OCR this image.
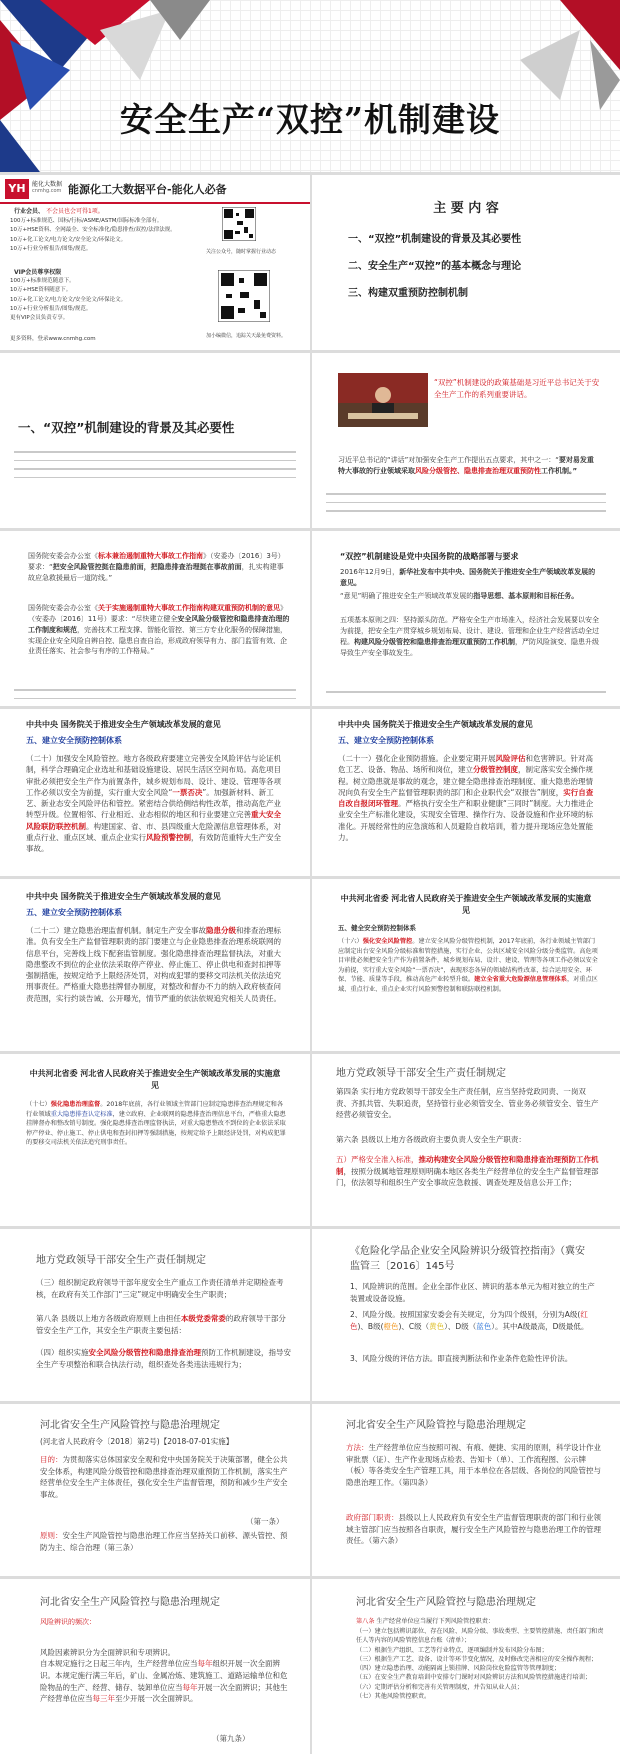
安全生产“双控”机制建设
YH	能化大数据
cnmhg.com 能源化工大数据平台-能化人必备
行业会员、 不会员也会可得1项。
100万+标准规范、国标/行标/ASME/ASTM/国际标准全部有。
10万+HSE资料、全网最全、安全标准化/隐患排查/双控/法律法规。
10万+化工论文/电力论文/安全论文/环保论文。
10万+行业分析报告/图集/规范。	关注公众号，随时掌握行业动态
VIP会员尊享权限
100万+标准规范随意下。
10万+HSE资料随意下。
10万+化工论文/电力论文/安全论文/环保论文。
10万+行业分析报告/图集/规范。
更有VIP会员负责专享。
更多资料，登录www.cnmhg.com	加小编微信，追踪关天最免费资料。
主 要 内 容
一、“双控”机制建设的背景及其必要性
二、安全生产“双控”的基本概念与理论
三、构建双重预防控制机制
一、“双控”机制建设的背景及其必要性
“双控”机制建设的政策基础是习近平总书记关于安全生产工作的系列重要讲话。
习近平总书记的“讲话”对加强安全生产工作提出五点要求，其中之一：“要对易发重特大事故的行业领域采取风险分级管控、隐患排查治理双重预防性工作机制。”
国务院安委会办公室《标本兼治遏制重特大事故工作指南》（安委办〔2016〕3号）要求：“把安全风险管控挺在隐患前面，把隐患排查治理挺在事故前面，扎实构建事故应急救援最后一道防线。”
国务院安委会办公室《关于实施遏制重特大事故工作指南构建双重预防机制的意见》（安委办〔2016〕11号）要求：“尽快建立健全安全风险分级管控和隐患排查治理的工作制度和规范，完善技术工程支撑、智能化管控、第三方专业化服务的保障措施，实现企业安全风险自辨自控、隐患自查自治，形成政府领导有力、部门监管有效、企业责任落实、社会参与有序的工作格局。”
“双控”机制建设是党中央国务院的战略部署与要求
2016年12月9日，新华社发布中共中央、国务院关于推进安全生产领域改革发展的意见。
“意见”明确了推进安全生产领域改革发展的指导思想、基本原则和目标任务。
五项基本原则之四：坚持源头防范。严格安全生产市场准入，经济社会发展要以安全为前提，把安全生产贯穿城乡规划布局、设计、建设、管理和企业生产经营活动全过程。构建风险分级管控和隐患排查治理双重预防工作机制，严防风险演变、隐患升级导致生产安全事故发生。
中共中央 国务院关于推进安全生产领域改革发展的意见
五、建立安全预防控制体系
（二十）加强安全风险管控。地方各级政府要建立完善安全风险评估与论证机制，科学合理确定企业选址和基础设施建设、居民生活区空间布局。高危项目审批必须把安全生产作为前置条件，城乡规划布局、设计、建设、管理等各项工作必须以安全为前提，实行重大安全风险“一票否决”。加强新材料、新工艺、新业态安全风险评估和管控。紧密结合供给侧结构性改革，推动高危产业转型升级。位置相邻、行业相近、业态相似的地区和行业要建立完善重大安全风险联防联控机制。构建国家、省、市、县四级重大危险源信息管理体系，对重点行业、重点区域、重点企业实行风险预警控制，有效防范重特大生产安全事故。
中共中央 国务院关于推进安全生产领域改革发展的意见
五、建立安全预防控制体系
（二十一）强化企业预防措施。企业要定期开展风险评估和危害辨识。针对高危工艺、设备、物品、场所和岗位，建立分级管控制度，制定落实安全操作规程。树立隐患就是事故的观念，建立健全隐患排查治理制度、重大隐患治理情况向负有安全生产监督管理职责的部门和企业职代会“双报告”制度，实行自查自改自报闭环管理。严格执行安全生产和职业健康“三同时”制度。大力推进企业安全生产标准化建设，实现安全管理、操作行为、设备设施和作业环境的标准化。开展经常性的应急演练和人员避险自救培训，着力提升现场应急处置能力。
中共中央 国务院关于推进安全生产领域改革发展的意见
五、建立安全预防控制体系
（二十二）建立隐患治理监督机制。制定生产安全事故隐患分级和排查治理标准。负有安全生产监督管理职责的部门要建立与企业隐患排查治理系统联网的信息平台，完善线上线下配套监管制度。强化隐患排查治理监督执法，对重大隐患整改不到位的企业依法采取停产停业、停止施工、停止供电和查封扣押等强制措施，按规定给予上限经济处罚，对构成犯罪的要移交司法机关依法追究刑事责任。严格重大隐患挂牌督办制度，对整改和督办不力的纳入政府核查问责范围，实行约谈告诫、公开曝光，情节严重的依法依规追究相关人员责任。
中共河北省委 河北省人民政府关于推进安全生产领域改革发展的实施意见
五、健全安全预防控制体系
（十六）强化安全风险管控。建立安全风险分级管控机制，2017年底前，各行业领域主管部门应制定出台安全风险分级标准和管控措施，实行企业、公共区域安全风险分级分类监管。高危项目审批必须把安全生产作为前置条件，城乡规划布局、设计、建设、管理等各项工作必须以安全为前提，实行重大安全风险“一票否决”，表现形态各异的领域结构性改革，综合运用安全、环保、节能、质量等手段，推动高危产业转型升级。建立全省重大危险源信息管理体系，对重点区域、重点行业、重点企业实行风险预警控制和联防联控机制。
中共河北省委 河北省人民政府关于推进安全生产领域改革发展的实施意见
（十七）强化隐患治理监督。2018年底前，各行业领域主管部门应制定隐患排查治理规定和各行业领域重大隐患排查认定标准，建立政府、企业联网的隐患排查治理信息平台，严格重大隐患挂牌督办和整改销号制度。强化隐患排查治理监督执法，对重大隐患整改不到位的企业依法采取停产停业、停止施工、停止供电和查封扣押等强制措施，按规定给予上限经济处罚，对构成犯罪的要移交司法机关依法追究刑事责任。
地方党政领导干部安全生产责任制规定
第四条 实行地方党政领导干部安全生产责任制，应当坚持党政同责、一岗双责、齐抓共管、失职追责，坚持管行业必须管安全、管业务必须管安全、管生产经营必须管安全。
第六条 县级以上地方各级政府主要负责人安全生产职责：
五）严格安全准入标准，推动构建安全风险分级管控和隐患排查治理预防工作机制，按照分级属地管理原则明确本地区各类生产经营单位的安全生产监督管理部门，依法领导和组织生产安全事故应急救援、调查处理及信息公开工作；
地方党政领导干部安全生产责任制规定
（三）组织制定政府领导干部年度安全生产重点工作责任清单并定期检查考核，在政府有关工作部门“三定”规定中明确安全生产职责；
第八条 县级以上地方各级政府原则上由担任本级党委常委的政府领导干部分管安全生产工作，其安全生产职责主要包括：
（四）组织实施安全风险分级管控和隐患排查治理预防工作机制建设，指导安全生产专项整治和联合执法行动，组织查处各类违法违规行为；
《危险化学品企业安全风险辨识分级管控指南》（冀安监管三〔2016〕145号
1、风险辨识的范围。企业全部作业区、辨识的基本单元为相对独立的生产装置或设备设施。
2、风险分级。按照国家安委会有关规定，分为四个级别，分别为A级(红色)、B级(橙色)、C级（黄色）、D级（蓝色）。其中A级最高，D级最低。
3、风险分级的评估方法。即直接判断法和作业条件危险性评价法。
河北省安全生产风险管控与隐患治理规定
(河北省人民政府令〔2018〕第2号)【2018-07-01实施】
目的：为贯彻落实总体国家安全观和党中央国务院关于决策部署，健全公共安全体系，构建风险分级管控和隐患排查治理双重预防工作机制，落实生产经营单位安全生产主体责任，强化安全生产监督管理，预防和减少生产安全事故。
（第一条）
原则：安全生产风险管控与隐患治理工作应当坚持关口前移、源头管控、预防为主、综合治理（第三条）
河北省安全生产风险管控与隐患治理规定
方法：生产经营单位应当按照可视、有痕、便捷、实用的原则，科学设计作业审批票（证）、生产作业现场点检表、告知卡（单）、工作流程图、公示牌（板）等各类安全生产管理工具，用于本单位在各层级、各岗位的风险管控与隐患治理工作。（第四条）
政府部门职责：县级以上人民政府负有安全生产监督管理职责的部门和行业领域主管部门应当按照各自职责，履行安全生产风险管控与隐患治理工作的管理责任。（第六条）
河北省安全生产风险管控与隐患治理规定
风险辨识的频次：

风险因素辨识分为全面辨识和专项辨识。
自本规定施行之日起三年内，生产经营单位应当每年组织开展一次全面辨识。本规定施行满三年后，矿山、金属冶炼、建筑施工、道路运输单位和危险物品的生产、经营、储存、装卸单位应当每年开展一次全面辨识；其他生产经营单位应当每三年至少开展一次全面辨识。

（第九条）
河北省安全生产风险管控与隐患治理规定
第八条 生产经营单位应当履行下列风险管控职责：
（一）建立包括辨识部位、存在风险、风险分级、事故类型、主要管控措施、责任部门和责任人等内容的风险管控信息台账（清单）；
（二）根据生产组织、工艺等行业特点，逐项编制并发布风险分布图；
（三）根据生产工艺、设备、设计等环节变化情况，及时修改完善相应的安全操作规程；
（四）建立隐患治理、动能隔离上锁挂牌、风险岗位危险监管等管理制度；
（五）在安全生产教育培训中安排专门课时对风险辨识方法和风险管控措施进行培训；
（六）定期评估分析和完善有关管理制度，并告知从业人员；
（七）其他风险管控职责。
